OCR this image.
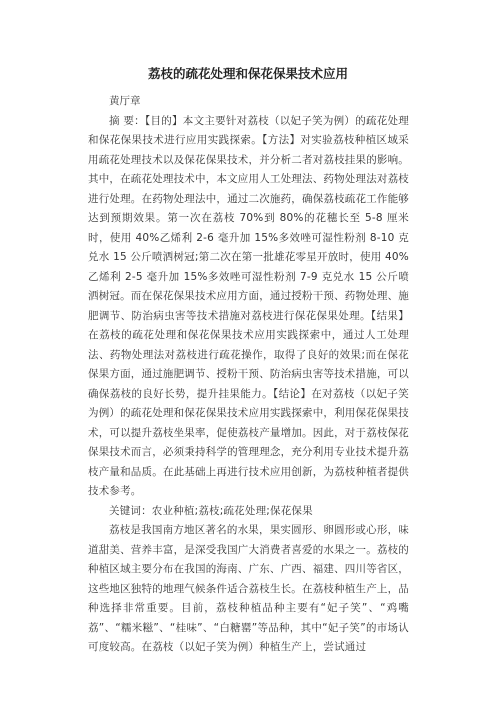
荔枝的疏花处理和保花保果技术应用
黄厅章

摘 要：【目的】本文主要针对荔枝（以妃子笑为例）的疏花处理和保花保果技术进行应用实践探索。【方法】对实验荔枝种植区域采用疏花处理技术以及保花保果技术，并分析二者对荔枝挂果的影响。其中，在疏花处理技术中，本文应用人工处理法、药物处理法对荔枝进行处理。在药物处理法中，通过二次施药，确保荔枝疏花工作能够达到预期效果。第一次在荔枝 70%到 80%的花穗长至 5-8 厘米时，使用 40%乙烯利 2-6 毫升加 15%多效唑可湿性粉剂 8-10 克兑水 15 公斤喷洒树冠;第二次在第一批雄花零星开放时，使用 40%乙烯利 2-5 毫升加 15%多效唑可湿性粉剂 7-9 克兑水 15 公斤喷洒树冠。而在保花保果技术应用方面，通过授粉干预、药物处理、施肥调节、防治病虫害等技术措施对荔枝进行保花保果处理。【结果】在荔枝的疏花处理和保花保果技术应用实践探索中，通过人工处理法、药物处理法对荔枝进行疏花操作，取得了良好的效果;而在保花保果方面，通过施肥调节、授粉干预、防治病虫害等技术措施，可以确保荔枝的良好长势，提升挂果能力。【结论】在对荔枝（以妃子笑为例）的疏花处理和保花保果技术应用实践探索中，利用保花保果技术，可以提升荔枝坐果率，促使荔枝产量增加。因此，对于荔枝保花保果技术而言，必须秉持科学的管理理念，充分利用专业技术提升荔枝产量和品质。在此基础上再进行技术应用创新，为荔枝种植者提供技术参考。

关键词：农业种植;荔枝;疏花处理;保花保果

荔枝是我国南方地区著名的水果，果实圆形、卵圆形或心形，味道甜美、营养丰富，是深受我国广大消费者喜爱的水果之一。荔枝的种植区域主要分布在我国的海南、广东、广西、福建、四川等省区，这些地区独特的地理气候条件适合荔枝生长。在荔枝种植生产上，品种选择非常重要。目前，荔枝种植品种主要有“妃子笑”、“鸡嘴荔”、“糯米糍”、“桂味”、“白糖罂”等品种，其中“妃子笑”的市场认可度较高。在荔枝（以妃子笑为例）种植生产上，尝试通过
